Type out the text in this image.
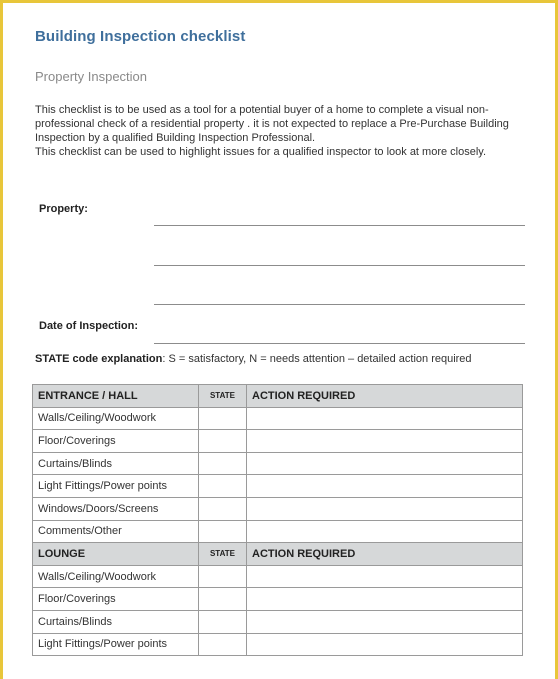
Building Inspection checklist
Property Inspection

This checklist is to be used as a tool for a potential buyer of a home to complete a visual non-professional check of a residential property . it is not expected to replace a Pre-Purchase Building Inspection by a qualified Building Inspection Professional.

This checklist can be used to highlight issues for a qualified inspector to look at more closely.

Property:
Date of Inspection:
STATE code explanation: S = satisfactory, N = needs attention – detailed action required
ENTRANCE / HALL	STATE	ACTION REQUIRED
Walls/Ceiling/Woodwork		
Floor/Coverings		
Curtains/Blinds		
Light Fittings/Power points		
Windows/Doors/Screens		
Comments/Other		
LOUNGE	STATE	ACTION REQUIRED
Walls/Ceiling/Woodwork		
Floor/Coverings		
Curtains/Blinds		
Light Fittings/Power points		
